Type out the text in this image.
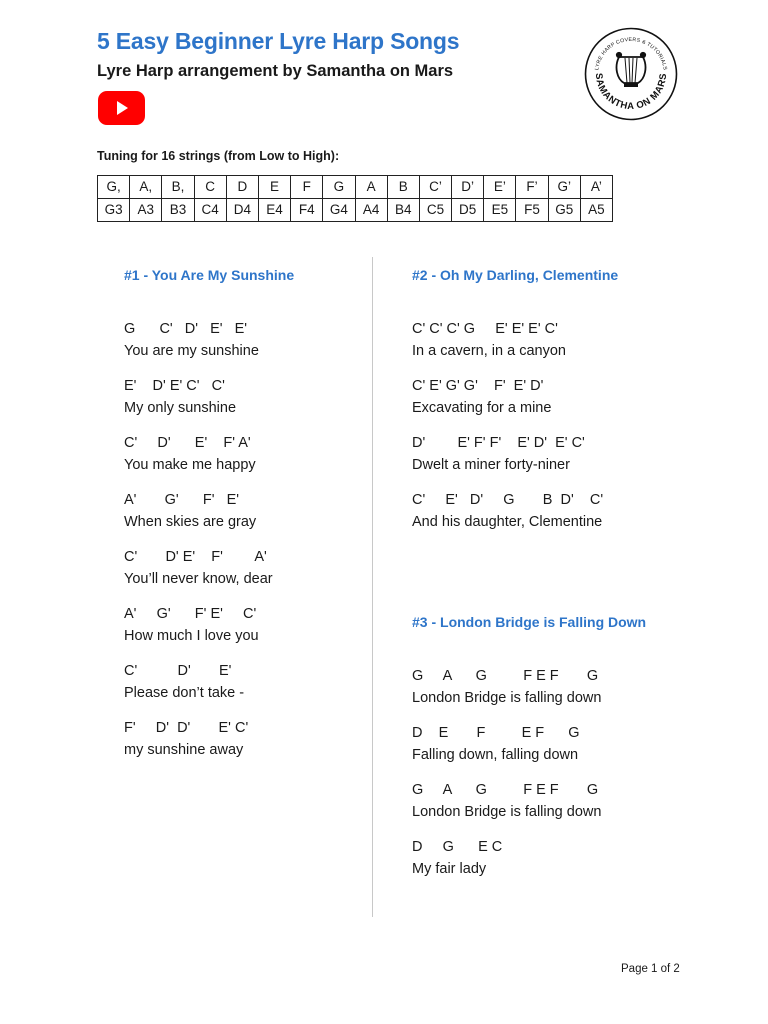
5 Easy Beginner Lyre Harp Songs

Lyre Harp arrangement by Samantha on Mars	LYRE HARP COVERS & TUTORIALS
SAMANTHA ON MARS

Tuning for 16 strings (from Low to High):

G,	A,	B,	C	D	E	F	G	A	B	C’	D’	E’	F’	G’	A’
G3	A3	B3	C4	D4	E4	F4	G4	A4	B4	C5	D5	E5	F5	G5	A5
#1 - You Are My Sunshine

G      C'   D'   E'   E'

You are my sunshine

E'    D' E' C'   C'

My only sunshine

C'     D'      E'    F' A'

You make me happy

A'       G'      F'   E'

When skies are gray

C'       D' E'    F'        A'

You’ll never know, dear

A'     G'      F' E'     C'

How much I love you

C'          D'       E'

Please don’t take -

F'     D'  D'       E' C'

my sunshine away

#2 - Oh My Darling, Clementine

C' C' C' G     E' E' E' C'

In a cavern, in a canyon

C' E' G' G'    F'  E' D'

Excavating for a mine

D'        E' F' F'    E' D'  E' C'

Dwelt a miner forty-niner

C'     E'   D'     G       B  D'    C'

And his daughter, Clementine

#3 - London Bridge is Falling Down

G     A      G         F E F       G

London Bridge is falling down

D    E       F         E F      G

Falling down, falling down

G     A      G         F E F       G

London Bridge is falling down

D     G      E C

My fair lady

Page 1 of 2
